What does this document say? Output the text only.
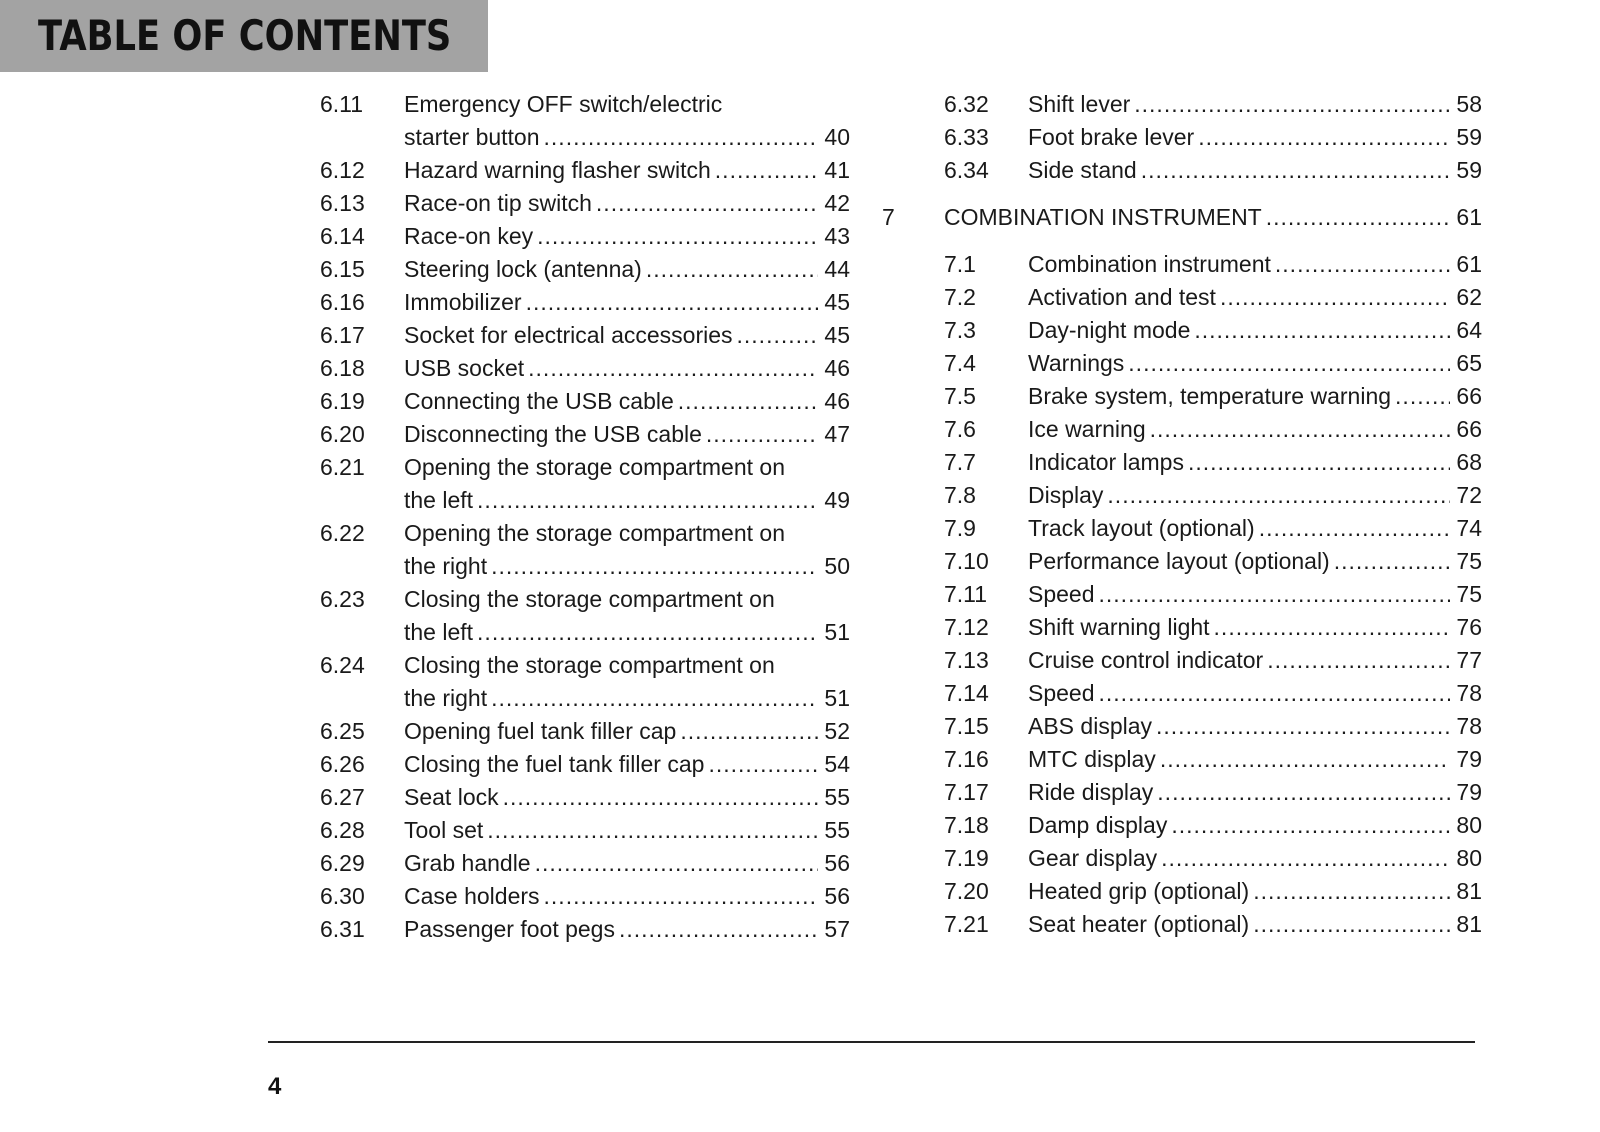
TABLE OF CONTENTS
6.11 Emergency OFF switch/electric
starter button .....	40
6.12 Hazard warning flasher switch .....	41
6.13 Race-on tip switch .....	42
6.14 Race-on key .....	43
6.15 Steering lock (antenna) .....	44
6.16 Immobilizer .....	45
6.17 Socket for electrical accessories .....	45
6.18 USB socket .....	46
6.19 Connecting the USB cable .....	46
6.20 Disconnecting the USB cable .....	47
6.21 Opening the storage compartment on
the left .....	49
6.22 Opening the storage compartment on
the right .....	50
6.23 Closing the storage compartment on
the left .....	51
6.24 Closing the storage compartment on
the right .....	51
6.25 Opening fuel tank filler cap .....	52
6.26 Closing the fuel tank filler cap .....	54
6.27 Seat lock .....	55
6.28 Tool set .....	55
6.29 Grab handle .....	56
6.30 Case holders .....	56
6.31 Passenger foot pegs .....	57
6.32 Shift lever .....	58
6.33 Foot brake lever .....	59
6.34 Side stand .....	59
7 COMBINATION INSTRUMENT .....	61
7.1 Combination instrument .....	61
7.2 Activation and test .....	62
7.3 Day-night mode .....	64
7.4 Warnings .....	65
7.5 Brake system, temperature warning .....	66
7.6 Ice warning .....	66
7.7 Indicator lamps .....	68
7.8 Display .....	72
7.9 Track layout (optional) .....	74
7.10 Performance layout (optional) .....	75
7.11 Speed .....	75
7.12 Shift warning light .....	76
7.13 Cruise control indicator .....	77
7.14 Speed .....	78
7.15 ABS display .....	78
7.16 MTC display .....	79
7.17 Ride display .....	79
7.18 Damp display .....	80
7.19 Gear display .....	80
7.20 Heated grip (optional) .....	81
7.21 Seat heater (optional) .....	81
4
